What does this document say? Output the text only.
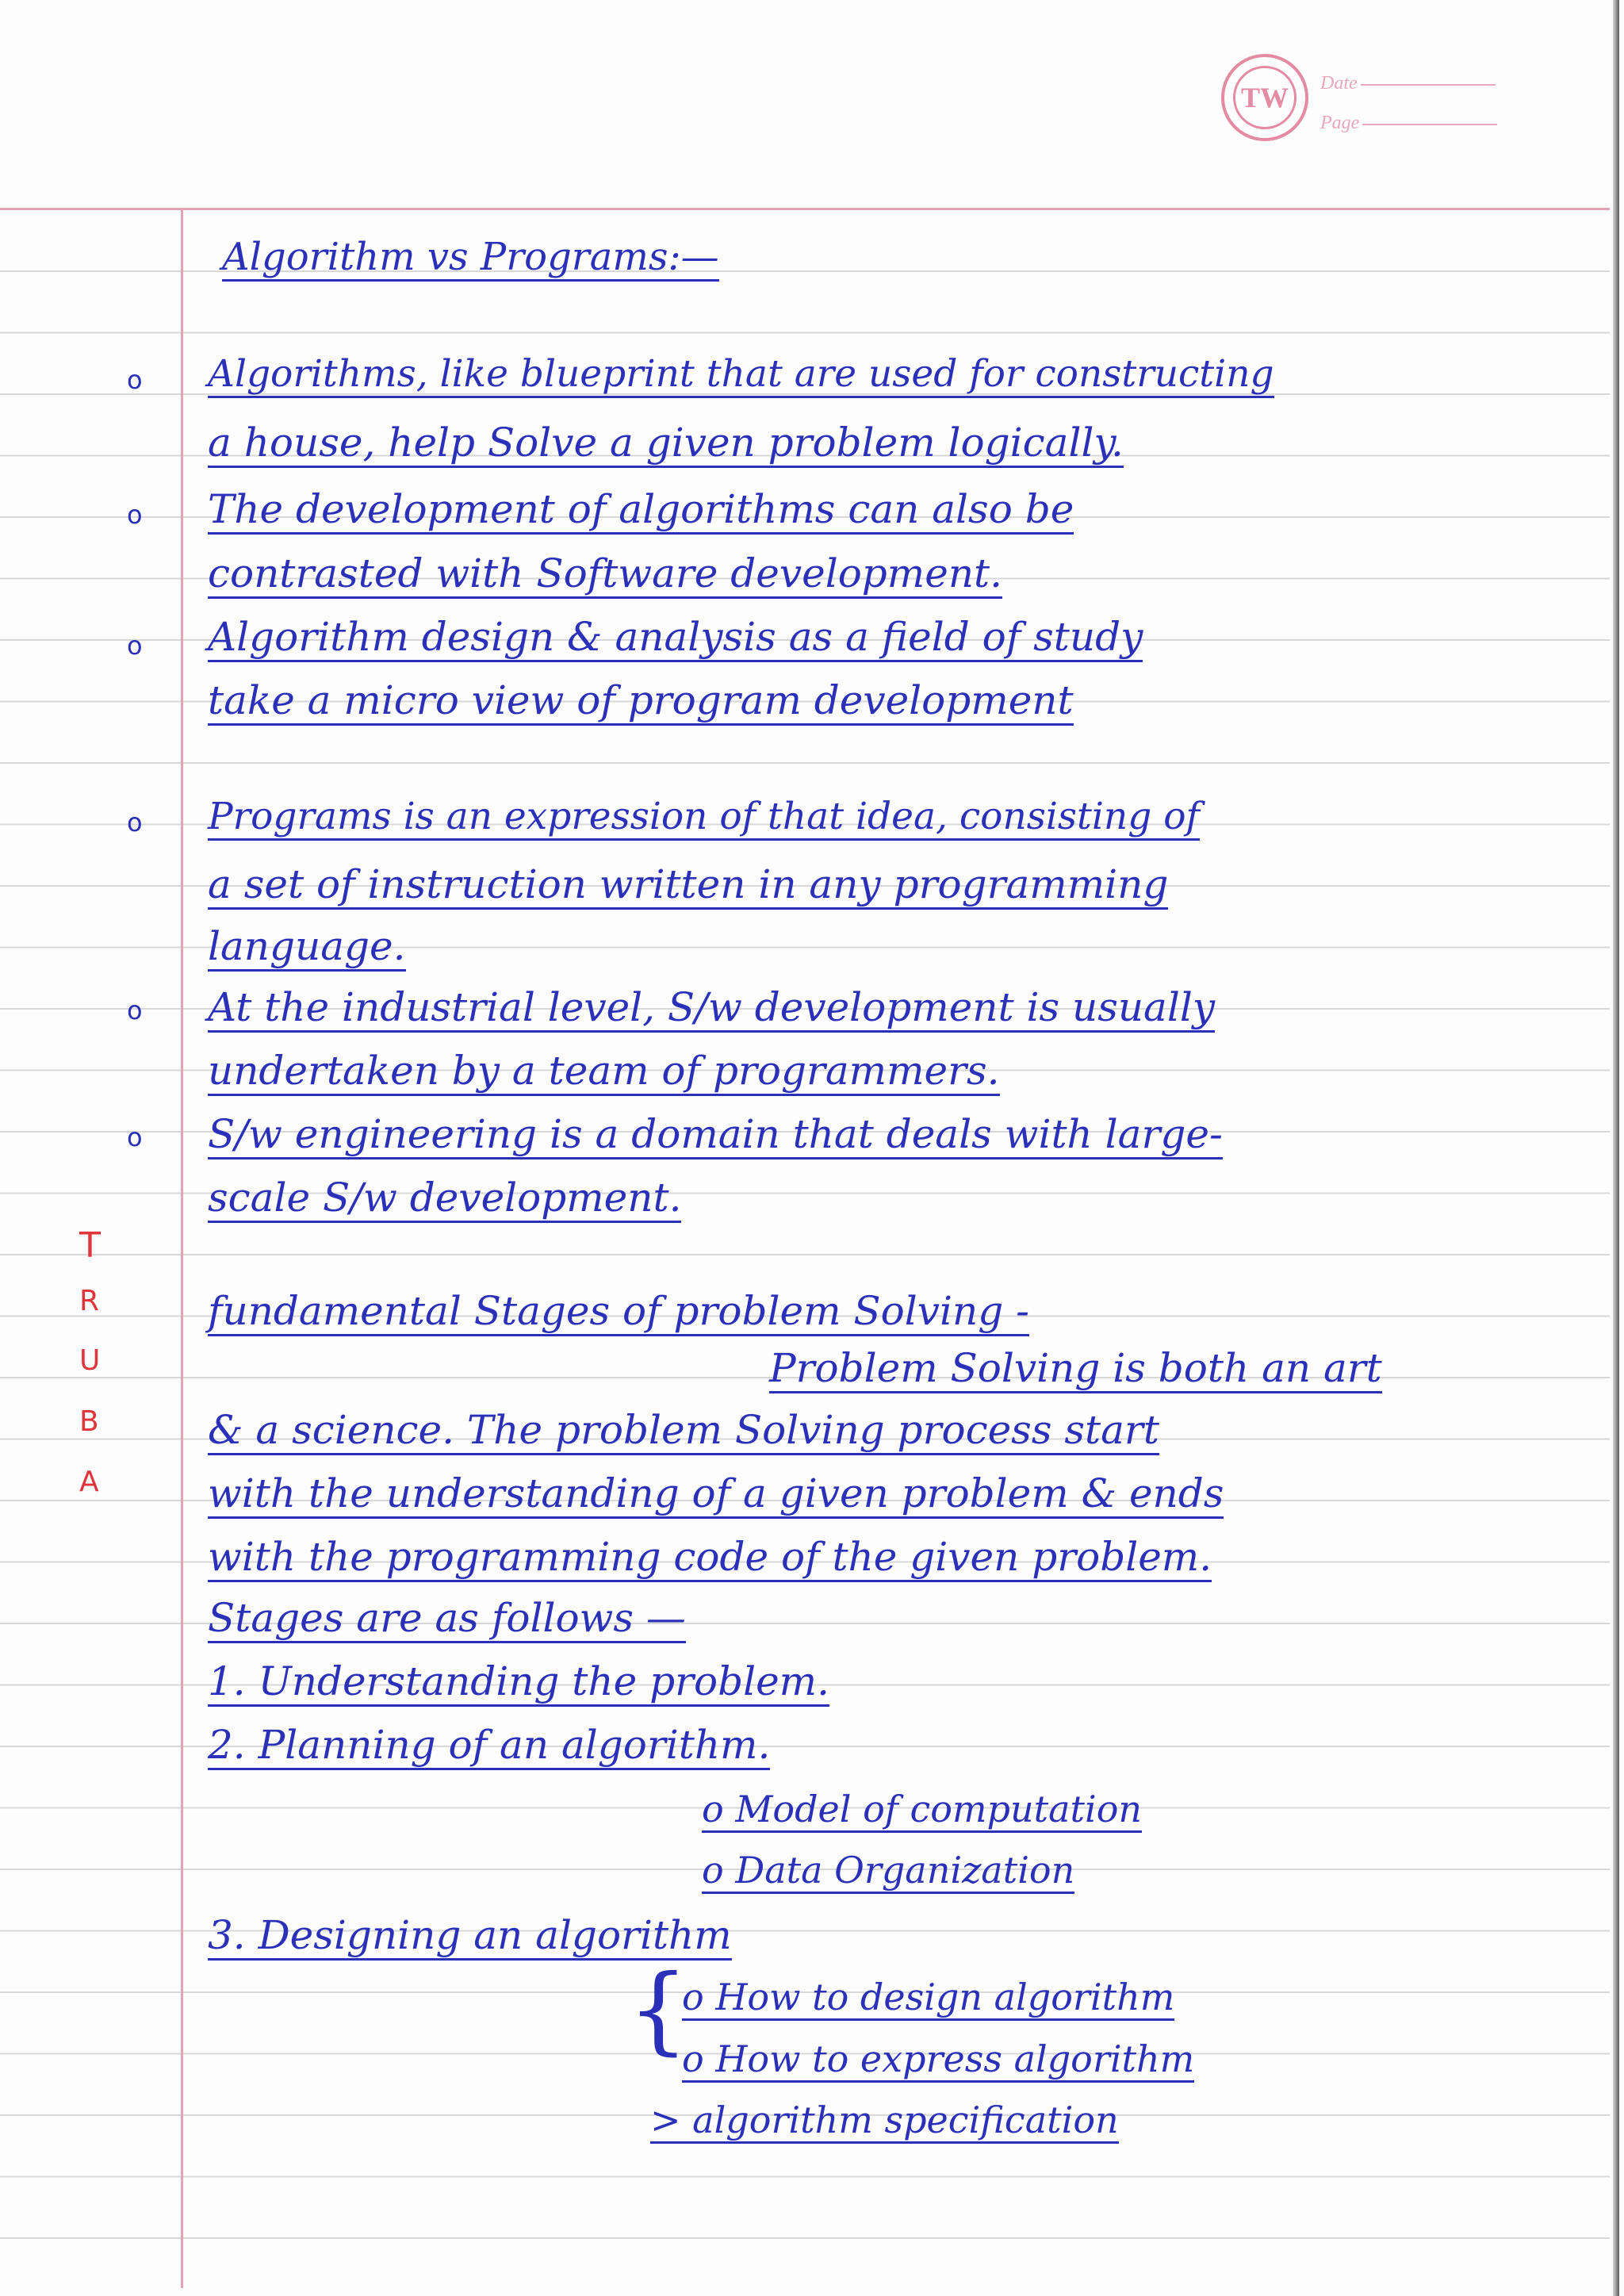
TW	Date
Page
Algorithm vs Programs:—
o
o
o
Algorithms, like blueprint that are used for constructing
a house, help Solve a given problem logically.
The development of algorithms can also be
contrasted with Software development.
Algorithm design & analysis as a field of study
take a micro view of program development
o
o
o
Programs is an expression of that idea, consisting of
a set of instruction written in any programming
language.
At the industrial level, S/w development is usually
undertaken by a team of programmers.
S/w engineering is a domain that deals with large-
scale S/w development.
T
R
U
B
A
fundamental Stages of problem Solving -
Problem Solving is both an art
& a science. The problem Solving process start
with the understanding of a given problem & ends
with the programming code of the given problem.
Stages are as follows —
1. Understanding the problem.
2. Planning of an algorithm.
o Model of computation
o Data Organization
3. Designing an algorithm
{
o How to design algorithm
o How to express algorithm
> algorithm specification
